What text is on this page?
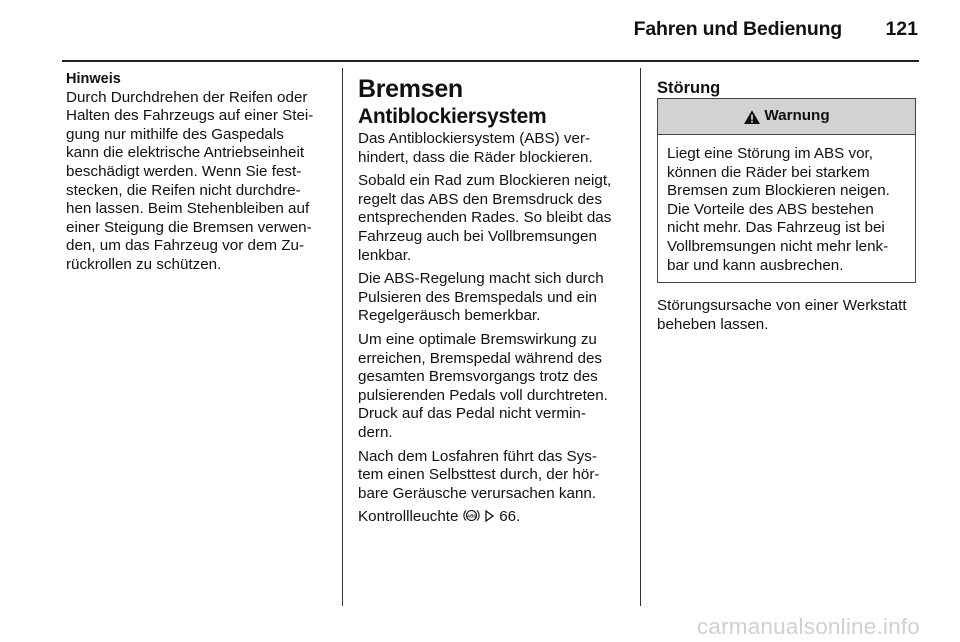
Fahren und Bedienung 121

Hinweis

Durch Durchdrehen der Reifen oder

Halten des Fahrzeugs auf einer Stei-

gung nur mithilfe des Gaspedals

kann die elektrische Antriebseinheit

beschädigt werden. Wenn Sie fest-

stecken, die Reifen nicht durchdre-

hen lassen. Beim Stehenbleiben auf

einer Steigung die Bremsen verwen-

den, um das Fahrzeug vor dem Zu-

rückrollen zu schützen.

Bremsen

Antiblockiersystem

Das Antiblockiersystem (ABS) ver-

hindert, dass die Räder blockieren.

Sobald ein Rad zum Blockieren neigt,

regelt das ABS den Bremsdruck des

entsprechenden Rades. So bleibt das

Fahrzeug auch bei Vollbremsungen

lenkbar.

Die ABS-Regelung macht sich durch

Pulsieren des Bremspedals und ein

Regelgeräusch bemerkbar.

Um eine optimale Bremswirkung zu

erreichen, Bremspedal während des

gesamten Bremsvorgangs trotz des

pulsierenden Pedals voll durchtreten.

Druck auf das Pedal nicht vermin-

dern.

Nach dem Losfahren führt das Sys-

tem einen Selbsttest durch, der hör-

bare Geräusche verursachen kann.

Kontrollleuchte ABS 66.

Störung

Warnung

Liegt eine Störung im ABS vor,

können die Räder bei starkem

Bremsen zum Blockieren neigen.

Die Vorteile des ABS bestehen

nicht mehr. Das Fahrzeug ist bei

Vollbremsungen nicht mehr lenk-

bar und kann ausbrechen.

Störungsursache von einer Werkstatt

beheben lassen.

carmanualsonline.info
